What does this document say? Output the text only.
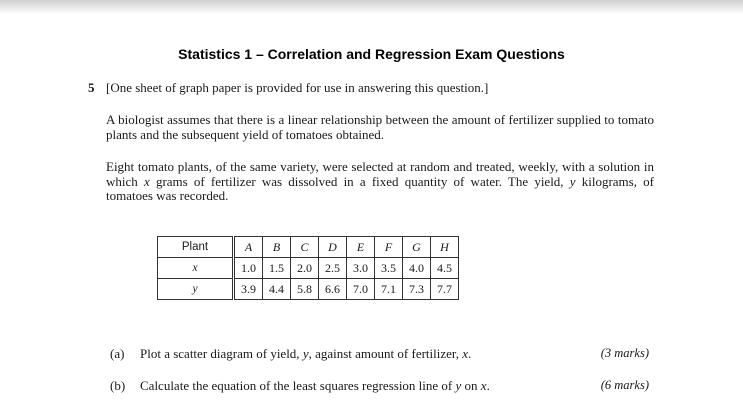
Statistics 1 – Correlation and Regression Exam Questions
5 [One sheet of graph paper is provided for use in answering this question.]
A biologist assumes that there is a linear relationship between the amount of fertilizer supplied to tomato plants and the subsequent yield of tomatoes obtained.
Eight tomato plants, of the same variety, were selected at random and treated, weekly, with a solution in which x grams of fertilizer was dissolved in a fixed quantity of water. The yield, y kilograms, of tomatoes was recorded.
Plant	A	B	C	D	E	F	G	H
x	1.0	1.5	2.0	2.5	3.0	3.5	4.0	4.5
y	3.9	4.4	5.8	6.6	7.0	7.1	7.3	7.7
(a) Plot a scatter diagram of yield, y, against amount of fertilizer, x.	(3 marks)
(b) Calculate the equation of the least squares regression line of y on x.	(6 marks)
